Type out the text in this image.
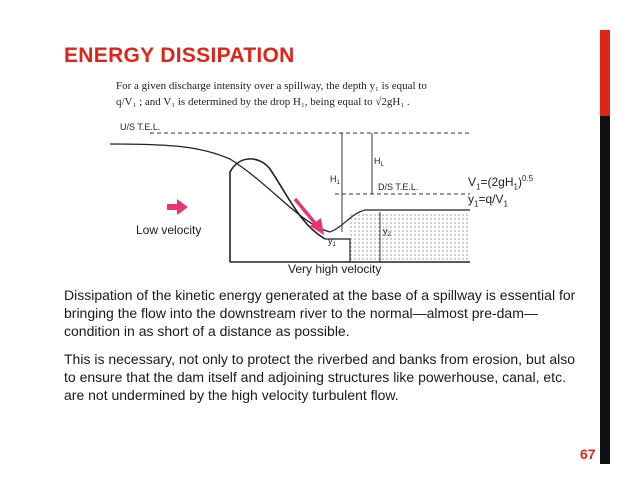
ENERGY DISSIPATION
For a given discharge intensity over a spillway, the depth y₁ is equal to
q/V₁ ; and V₁ is determined by the drop H₁, being equal to √2gH₁ .
U/S T.E.L.
D/S T.E.L.
$H_1$
$H_L$
$y_1$
$y_2$
$V_1=(2gH_1)^{0.5}$
$y_1=q/V_1$
Low velocity
Very high velocity

Dissipation of the kinetic energy generated at the base of a spillway is essential for bringing the flow into the downstream river to the normal—almost pre-dam— condition in as short of a distance as possible.

This is necessary, not only to protect the riverbed and banks from erosion, but also to ensure that the dam itself and adjoining structures like powerhouse, canal, etc. are not undermined by the high velocity turbulent flow.

67
